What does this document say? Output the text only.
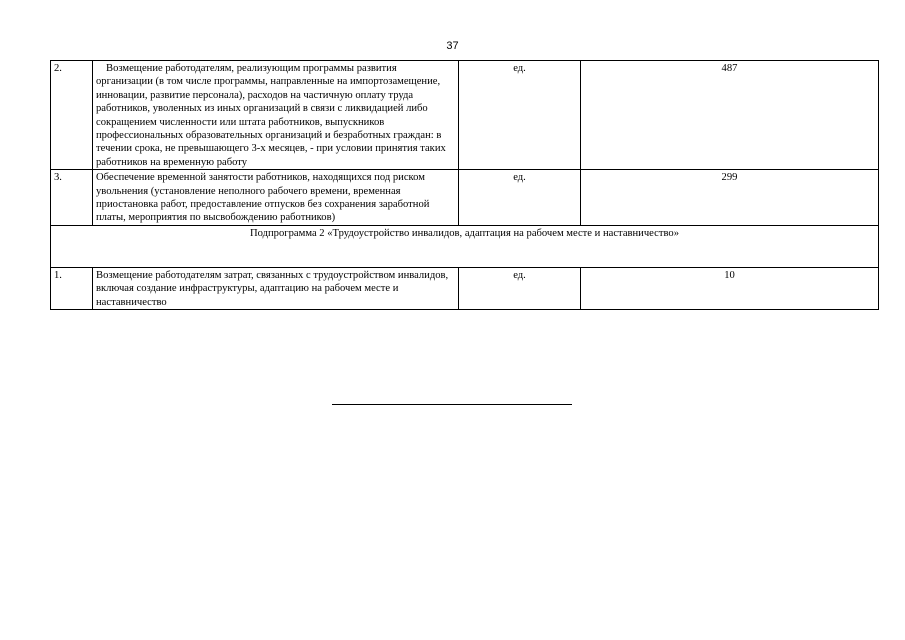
37
2.	Возмещение работодателям, реализующим программы развития организации (в том числе программы, направленные на импортозамещение, инновации, развитие персонала), расходов на частичную оплату труда работников, уволенных из иных организаций в связи с ликвидацией либо сокращением численности или штата работников, выпускников профессиональных образовательных организаций и безработных граждан: в течении срока, не превышающего 3-х месяцев, - при условии принятия таких работников на временную работу	ед.	487
3.	Обеспечение временной занятости работников, находящихся под риском увольнения (установление неполного рабочего времени, временная приостановка работ, предоставление отпусков без сохранения заработной платы, мероприятия по высвобождению работников)	ед.	299
Подпрограмма 2 «Трудоустройство инвалидов, адаптация на рабочем месте и наставничество»			
1.	Возмещение работодателям затрат, связанных с трудоустройством инвалидов, включая создание инфраструктуры, адаптацию на рабочем месте и наставничество	ед.	10
